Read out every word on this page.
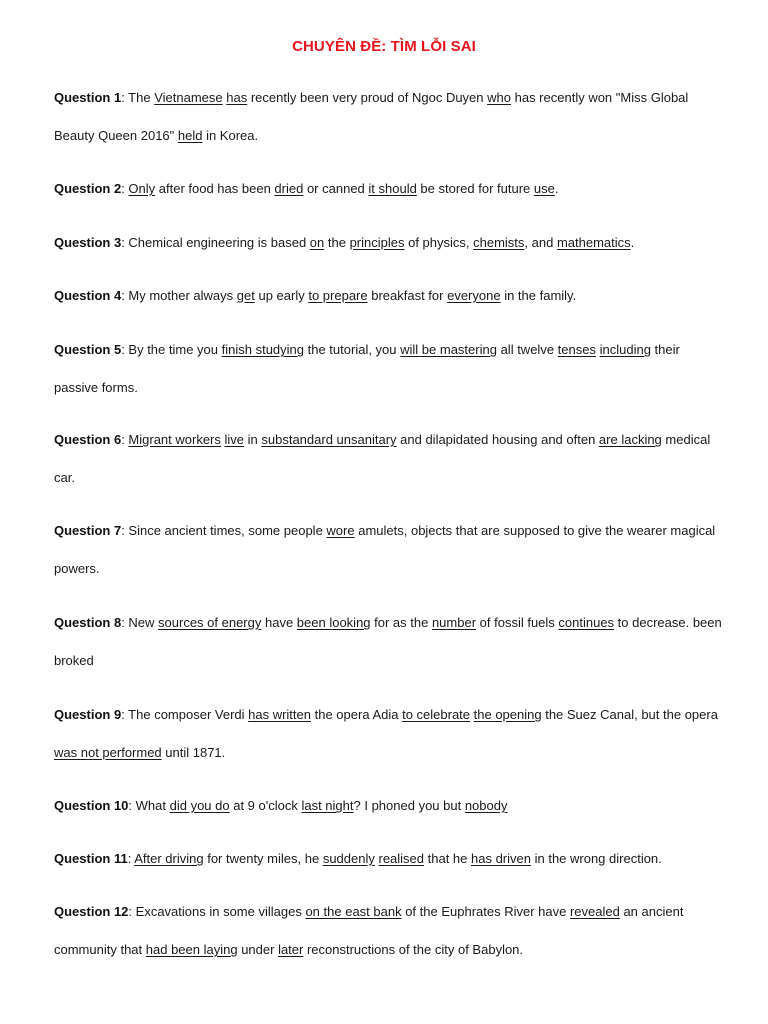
CHUYÊN ĐỀ: TÌM LỖI SAI
Question 1: The Vietnamese has recently been very proud of Ngoc Duyen who has recently won "Miss Global Beauty Queen 2016" held in Korea.
Question 2: Only after food has been dried or canned it should be stored for future use.
Question 3: Chemical engineering is based on the principles of physics, chemists, and mathematics.
Question 4: My mother always get up early to prepare breakfast for everyone in the family.
Question 5: By the time you finish studying the tutorial, you will be mastering all twelve tenses including their passive forms.
Question 6: Migrant workers live in substandard unsanitary and dilapidated housing and often are lacking medical car.
Question 7: Since ancient times, some people wore amulets, objects that are supposed to give the wearer magical powers.
Question 8: New sources of energy have been looking for as the number of fossil fuels continues to decrease. been broked
Question 9: The composer Verdi has written the opera Adia to celebrate the opening the Suez Canal, but the opera was not performed until 1871.
Question 10: What did you do at 9 o'clock last night? I phoned you but nobody
Question 11: After driving for twenty miles, he suddenly realised that he has driven in the wrong direction.
Question 12: Excavations in some villages on the east bank of the Euphrates River have revealed an ancient community that had been laying under later reconstructions of the city of Babylon.
